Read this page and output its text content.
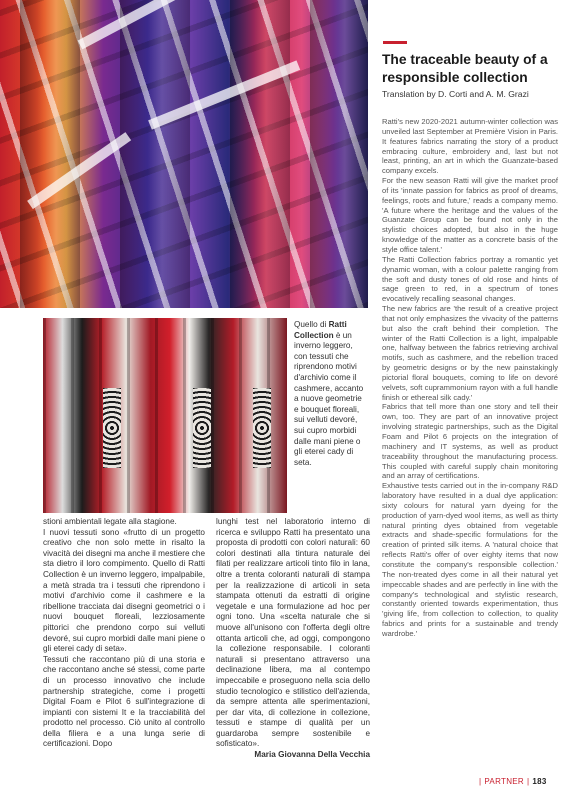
Quello di Ratti Collection è un inverno leggero, con tessuti che riprendono motivi d'archivio come il cashmere, accanto a nuove geometrie e bouquet floreali, sui velluti devoré, sui cupro morbidi dalle mani piene o gli eterei cady di seta.
The traceable beauty of a responsible collection
Translation by D. Corti and A. M. Grazi

Ratti's new 2020-2021 autumn-winter collection was unveiled last September at Première Vision in Paris. It features fabrics narrating the story of a product embracing culture, embroidery and, last but not least, printing, an art in which the Guanzate-based company excels.

For the new season Ratti will give the market proof of its 'innate passion for fabrics as proof of dreams, feelings, roots and future,' reads a company memo. 'A future where the heritage and the values of the Guanzate Group can be found not only in the stylistic choices adopted, but also in the huge knowledge of the matter as a concrete basis of the style office talent.'

The Ratti Collection fabrics portray a romantic yet dynamic woman, with a colour palette ranging from the soft and dusty tones of old rose and hints of sage green to red, in a spectrum of tones evocatively recalling seasonal changes.

The new fabrics are 'the result of a creative project that not only emphasizes the vivacity of the patterns but also the craft behind their completion. The winter of the Ratti Collection is a light, impalpable one, halfway between the fabrics retrieving archival motifs, such as cashmere, and the rebellion traced by geometric designs or by the new painstakingly pictorial floral bouquets, coming to life on devoré velvets, soft cuprammonium rayon with a full handle finish or ethereal silk cady.'

Fabrics that tell more than one story and tell their own, too. They are part of an innovative project involving strategic partnerships, such as the Digital Foam and Pilot 6 projects on the integration of machinery and IT systems, as well as product traceability throughout the manufacturing process. This coupled with careful supply chain monitoring and an array of certifications.

Exhaustive tests carried out in the in-company R&D laboratory have resulted in a dual dye application: sixty colours for natural yarn dyeing for the production of yarn-dyed wool items, as well as thirty natural printing dyes obtained from vegetable extracts and shade-specific formulations for the creation of printed silk items. A 'natural choice that reflects Ratti's offer of over eighty items that now constitute the company's responsible collection.' The non-treated dyes come in all their natural yet impeccable shades and are perfectly in line with the company's technological and stylistic research, constantly oriented towards experimentation, thus 'giving life, from collection to collection, to quality fabrics and prints for a sustainable and trendy wardrobe.'

stioni ambientali legate alla stagione.

I nuovi tessuti sono «frutto di un progetto creativo che non solo mette in risalto la vivacità dei disegni ma anche il mestiere che sta dietro il loro compimento. Quello di Ratti Collection è un inverno leggero, impalpabile, a metà strada tra i tessuti che riprendono i motivi d'archivio come il cashmere e la ribellione tracciata dai disegni geometrici o i nuovi bouquet floreali, lezziosamente pittorici che prendono corpo sui velluti devoré, sui cupro morbidi dalle mani piene o gli eterei cady di seta».

Tessuti che raccontano più di una storia e che raccontano anche sé stessi, come parte di un processo innovativo che include partnership strategiche, come i progetti Digital Foam e Pilot 6 sull'integrazione di impianti con sistemi It e la tracciabilità del prodotto nel processo. Ciò unito al controllo della filiera e a una lunga serie di certificazioni. Dopo

lunghi test nel laboratorio interno di ricerca e sviluppo Ratti ha presentato una proposta di prodotti con colori naturali: 60 colori destinati alla tintura naturale dei filati per realizzare articoli tinto filo in lana, oltre a trenta coloranti naturali di stampa per la realizzazione di articoli in seta stampata ottenuti da estratti di origine vegetale e una formulazione ad hoc per ogni tono. Una «scelta naturale che si muove all'unisono con l'offerta degli oltre ottanta articoli che, ad oggi, compongono la collezione responsabile. I coloranti naturali si presentano attraverso una declinazione libera, ma al contempo impeccabile e proseguono nella scia dello studio tecnologico e stilistico dell'azienda, da sempre attenta alle sperimentazioni, per dar vita, di collezione in collezione, tessuti e stampe di qualità per un guardaroba sempre sostenibile e sofisticato».

Maria Giovanna Della Vecchia

| PARTNER | 183
